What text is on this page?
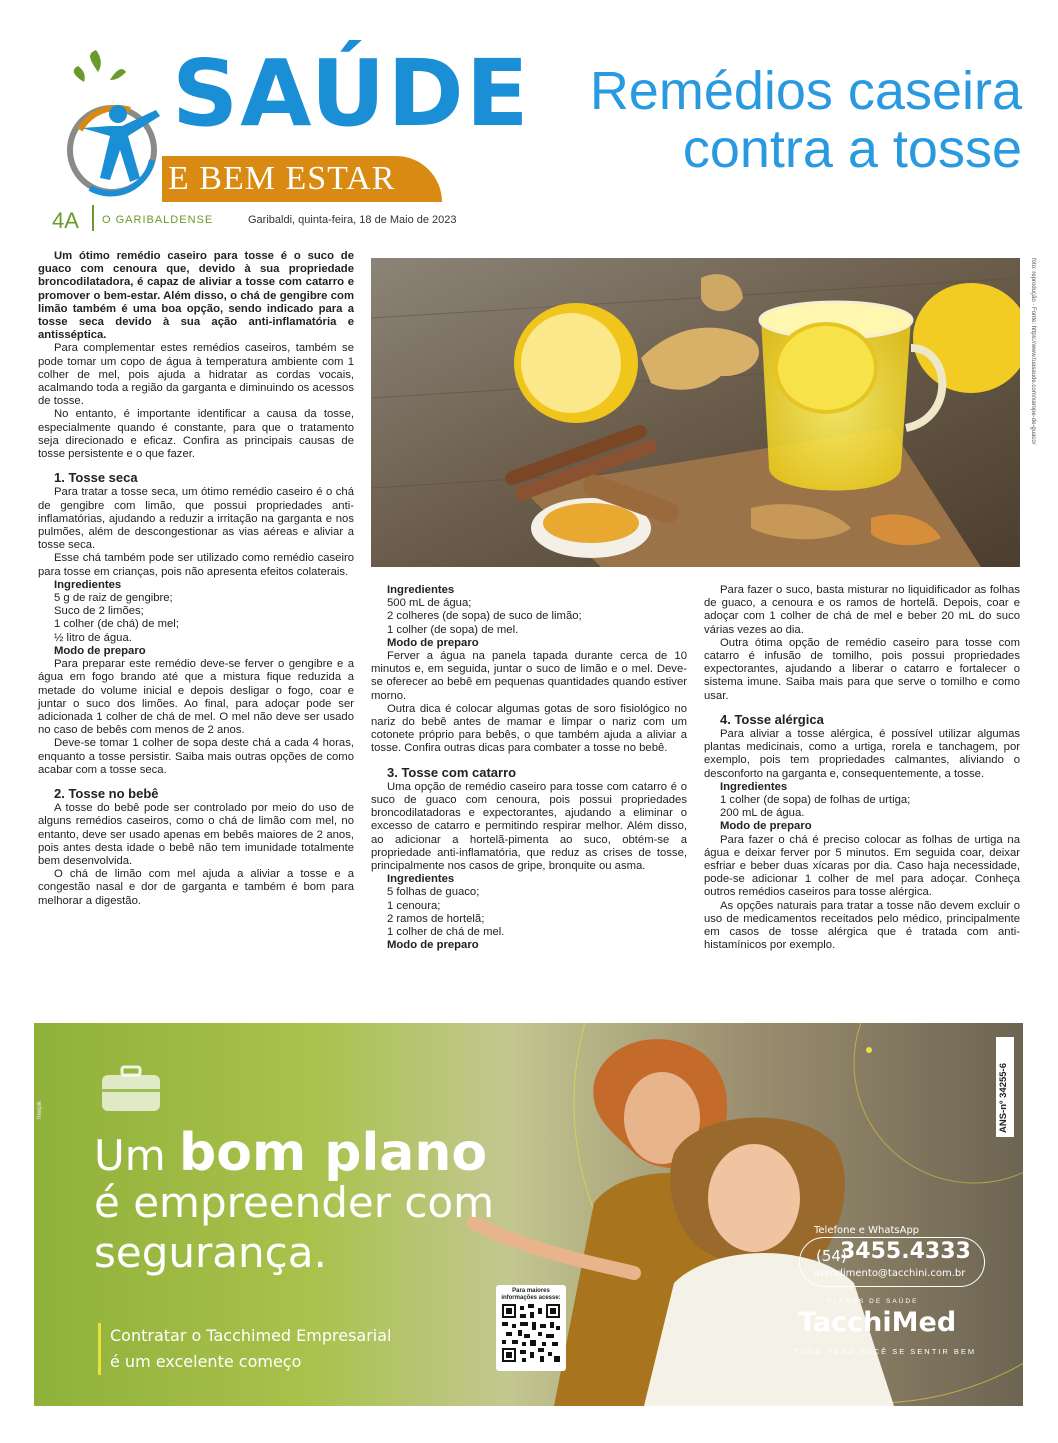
SAÚDE
E BEM ESTAR
4A O GARIBALDENSE	Garibaldi, quinta-feira, 18 de Maio de 2023
Remédios caseira
contra a tosse
foto: reprodução · Fonte: https://www.tuasaude.com/xarope-de-guaco/

Um ótimo remédio caseiro para tosse é o suco de guaco com cenoura que, devido à sua propriedade broncodilatadora, é capaz de aliviar a tosse com catarro e promover o bem-estar. Além disso, o chá de gengibre com limão também é uma boa opção, sendo indicado para a tosse seca devido à sua ação anti-inflamatória e antisséptica.

Para complementar estes remédios caseiros, também se pode tomar um copo de água à temperatura ambiente com 1 colher de mel, pois ajuda a hidratar as cordas vocais, acalmando toda a região da garganta e diminuindo os acessos de tosse.

No entanto, é importante identificar a causa da tosse, especialmente quando é constante, para que o tratamento seja direcionado e eficaz. Confira as principais causas de tosse persistente e o que fazer.

1. Tosse seca

Para tratar a tosse seca, um ótimo remédio caseiro é o chá de gengibre com limão, que possui propriedades anti-inflamatórias, ajudando a reduzir a irritação na garganta e nos pulmões, além de descongestionar as vias aéreas e aliviar a tosse seca.

Esse chá também pode ser utilizado como remédio caseiro para tosse em crianças, pois não apresenta efeitos colaterais.

Ingredientes
5 g de raiz de gengibre;
Suco de 2 limões;
1 colher (de chá) de mel;
½ litro de água.
Modo de preparo

Para preparar este remédio deve-se ferver o gengibre e a água em fogo brando até que a mistura fique reduzida a metade do volume inicial e depois desligar o fogo, coar e juntar o suco dos limões. Ao final, para adoçar pode ser adicionada 1 colher de chá de mel. O mel não deve ser usado no caso de bebês com menos de 2 anos.

Deve-se tomar 1 colher de sopa deste chá a cada 4 horas, enquanto a tosse persistir. Saiba mais outras opções de como acabar com a tosse seca.

2. Tosse no bebê

A tosse do bebê pode ser controlado por meio do uso de alguns remédios caseiros, como o chá de limão com mel, no entanto, deve ser usado apenas em bebês maiores de 2 anos, pois antes desta idade o bebê não tem imunidade totalmente bem desenvolvida.

O chá de limão com mel ajuda a aliviar a tosse e a congestão nasal e dor de garganta e também é bom para melhorar a digestão.

Ingredientes
500 mL de água;
2 colheres (de sopa) de suco de limão;
1 colher (de sopa) de mel.
Modo de preparo

Ferver a água na panela tapada durante cerca de 10 minutos e, em seguida, juntar o suco de limão e o mel. Deve-se oferecer ao bebê em pequenas quantidades quando estiver morno.

Outra dica é colocar algumas gotas de soro fisiológico no nariz do bebê antes de mamar e limpar o nariz com um cotonete próprio para bebês, o que também ajuda a aliviar a tosse. Confira outras dicas para combater a tosse no bebê.

3. Tosse com catarro

Uma opção de remédio caseiro para tosse com catarro é o suco de guaco com cenoura, pois possui propriedades broncodilatadoras e expectorantes, ajudando a eliminar o excesso de catarro e permitindo respirar melhor. Além disso, ao adicionar a hortelã-pimenta ao suco, obtém-se a propriedade anti-inflamatória, que reduz as crises de tosse, principalmente nos casos de gripe, bronquite ou asma.

Ingredientes
5 folhas de guaco;
1 cenoura;
2 ramos de hortelã;
1 colher de chá de mel.
Modo de preparo

Para fazer o suco, basta misturar no liquidificador as folhas de guaco, a cenoura e os ramos de hortelã. Depois, coar e adoçar com 1 colher de chá de mel e beber 20 mL do suco várias vezes ao dia.

Outra ótima opção de remédio caseiro para tosse com catarro é infusão de tomilho, pois possui propriedades expectorantes, ajudando a liberar o catarro e fortalecer o sistema imune. Saiba mais para que serve o tomilho e como usar.

4. Tosse alérgica

Para aliviar a tosse alérgica, é possível utilizar algumas plantas medicinais, como a urtiga, rorela e tanchagem, por exemplo, pois tem propriedades calmantes, aliviando o desconforto na garganta e, consequentemente, a tosse.

Ingredientes
1 colher (de sopa) de folhas de urtiga;
200 mL de água.
Modo de preparo

Para fazer o chá é preciso colocar as folhas de urtiga na água e deixar ferver por 5 minutos. Em seguida coar, deixar esfriar e beber duas xícaras por dia. Caso haja necessidade, pode-se adicionar 1 colher de mel para adoçar. Conheça outros remédios caseiros para tosse alérgica.

As opções naturais para tratar a tosse não devem excluir o uso de medicamentos receitados pelo médico, principalmente em casos de tosse alérgica que é tratada com anti-histamínicos por exemplo.

Um bom plano
é empreender com
segurança.
Contratar o Tacchimed Empresarial
é um excelente começo
Para maiores informações acesse:
freepik	ANS-nº 34255-6
Telefone e WhatsApp
(54)
3455.4333
atendimento@tacchini.com.br
PLANOS DE SAÚDE
TacchiMed
TUDO PARA VOCÊ SE SENTIR BEM
